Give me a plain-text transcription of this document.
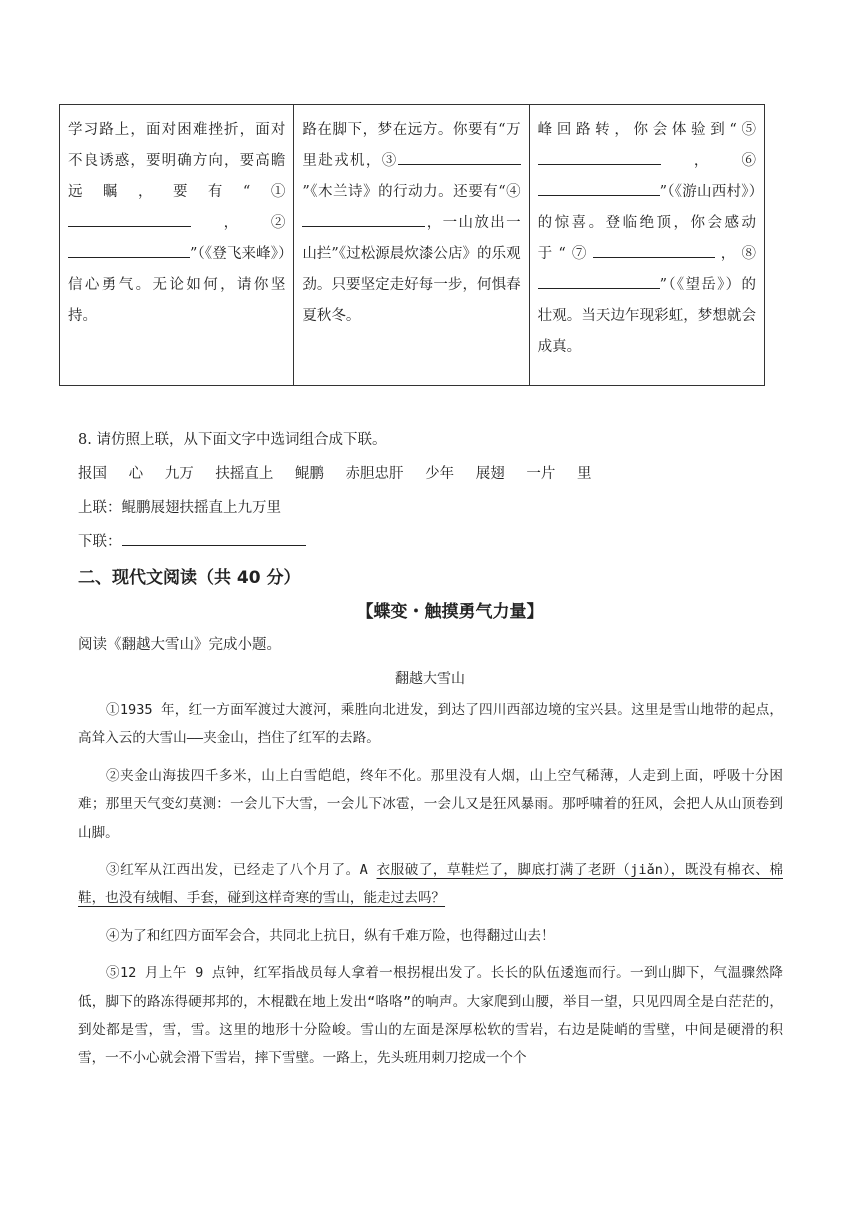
学习路上，面对困难挫折，面对不良诱惑，要明确方向，要高瞻远瞩，要有“①，②”（《登飞来峰》）信心勇气。无论如何，请你坚持。
路在脚下，梦在远方。你要有“万里赴戎机，③”《木兰诗》的行动力。还要有“④，一山放出一山拦”《过松源晨炊漆公店》的乐观劲。只要坚定走好每一步，何惧春夏秋冬。
峰回路转，你会体验到“⑤，⑥”（《游山西村》）的惊喜。登临绝顶，你会感动于“⑦	，⑧”（《望岳》）的壮观。当天边乍现彩虹，梦想就会成真。
8. 请仿照上联，从下面文字中选词组合成下联。
报国 心 九万 扶摇直上 鲲鹏 赤胆忠肝 少年 展翅 一片 里
上联：鲲鹏展翅扶摇直上九万里
下联：
二、现代文阅读（共 40 分）
【蝶变・触摸勇气力量】
阅读《翻越大雪山》完成小题。
翻越大雪山

①1935 年，红一方面军渡过大渡河，乘胜向北进发，到达了四川西部边境的宝兴县。这里是雪山地带的起点，高耸入云的大雪山——夹金山，挡住了红军的去路。

②夹金山海拔四千多米，山上白雪皑皑，终年不化。那里没有人烟，山上空气稀薄，人走到上面，呼吸十分困难；那里天气变幻莫测：一会儿下大雪，一会儿下冰雹，一会儿又是狂风暴雨。那呼啸着的狂风，会把人从山顶卷到山脚。

③红军从江西出发，已经走了八个月了。A 衣服破了，草鞋烂了，脚底打满了老趼（jiǎn），既没有棉衣、棉鞋，也没有绒帽、手套，碰到这样奇寒的雪山，能走过去吗？

④为了和红四方面军会合，共同北上抗日，纵有千难万险，也得翻过山去！

⑤12 月上午 9 点钟，红军指战员每人拿着一根拐棍出发了。长长的队伍逶迤而行。一到山脚下，气温骤然降低，脚下的路冻得硬邦邦的，木棍戳在地上发出“咯咯”的响声。大家爬到山腰，举目一望，只见四周全是白茫茫的，到处都是雪，雪，雪。这里的地形十分险峻。雪山的左面是深厚松软的雪岩，右边是陡峭的雪壁，中间是硬滑的积雪，一不小心就会滑下雪岩，摔下雪壁。一路上，先头班用刺刀挖成一个个
